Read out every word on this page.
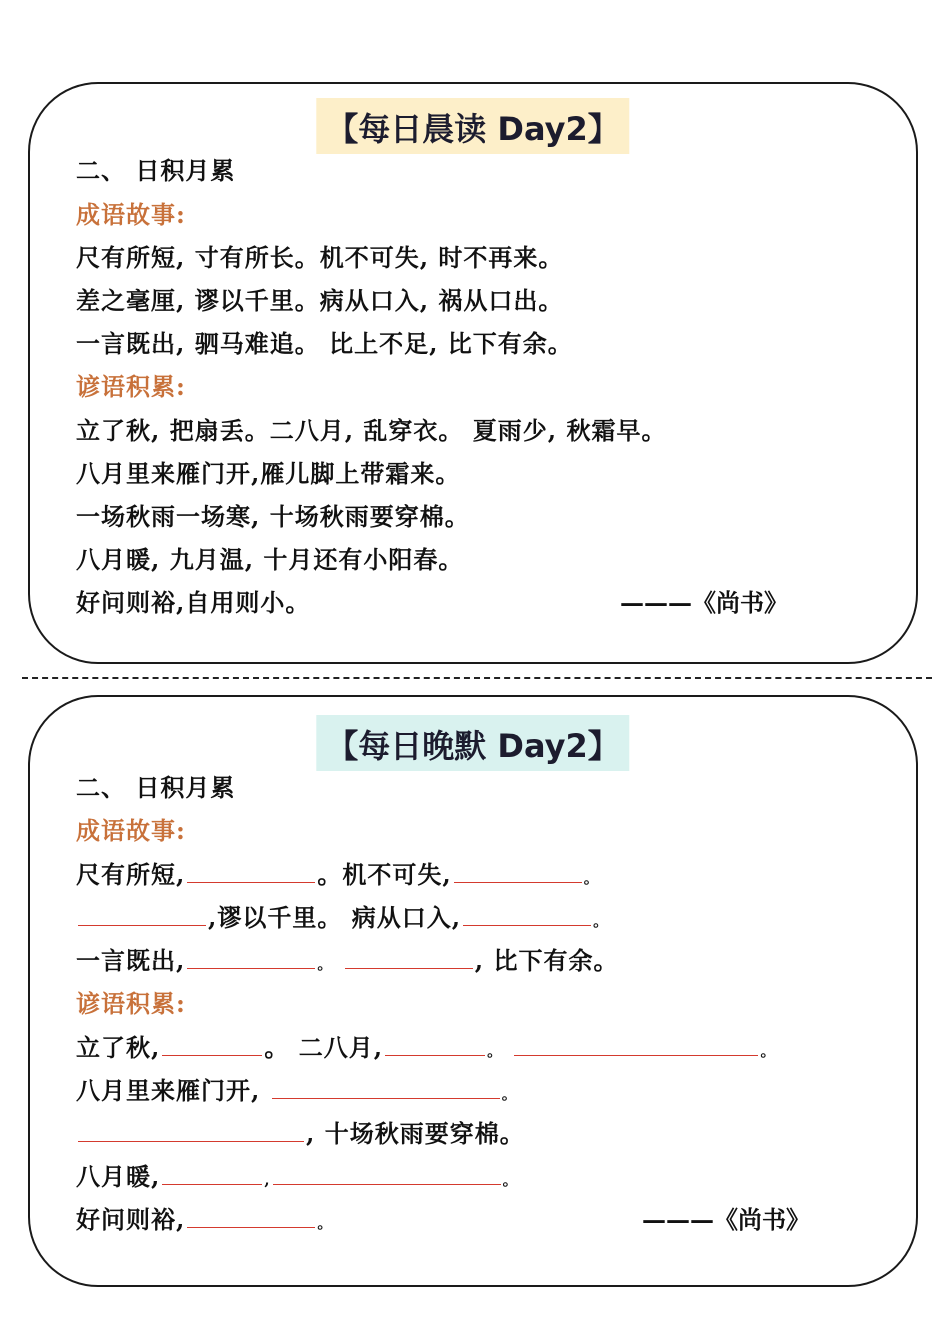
【每日晨读 Day2】
二、 日积月累
成语故事:
尺有所短, 寸有所长。机不可失, 时不再来。
差之毫厘, 谬以千里。病从口入, 祸从口出。
一言既出, 驷马难追。 比上不足, 比下有余。
谚语积累:
立了秋, 把扇丢。二八月, 乱穿衣。 夏雨少, 秋霜早。
八月里来雁门开,雁儿脚上带霜来。
一场秋雨一场寒, 十场秋雨要穿棉。
八月暖, 九月温, 十月还有小阳春。
好问则裕,自用则小。	———《尚书》
【每日晚默 Day2】
二、 日积月累
成语故事:
尺有所短,	。机不可失,	。
,谬以千里。 病从口入,	。
一言既出,	。	, 比下有余。
谚语积累:
立了秋,	。 二八月,	。	。
八月里来雁门开,	。
, 十场秋雨要穿棉。
八月暖,	,	。
好问则裕,	。	———《尚书》
